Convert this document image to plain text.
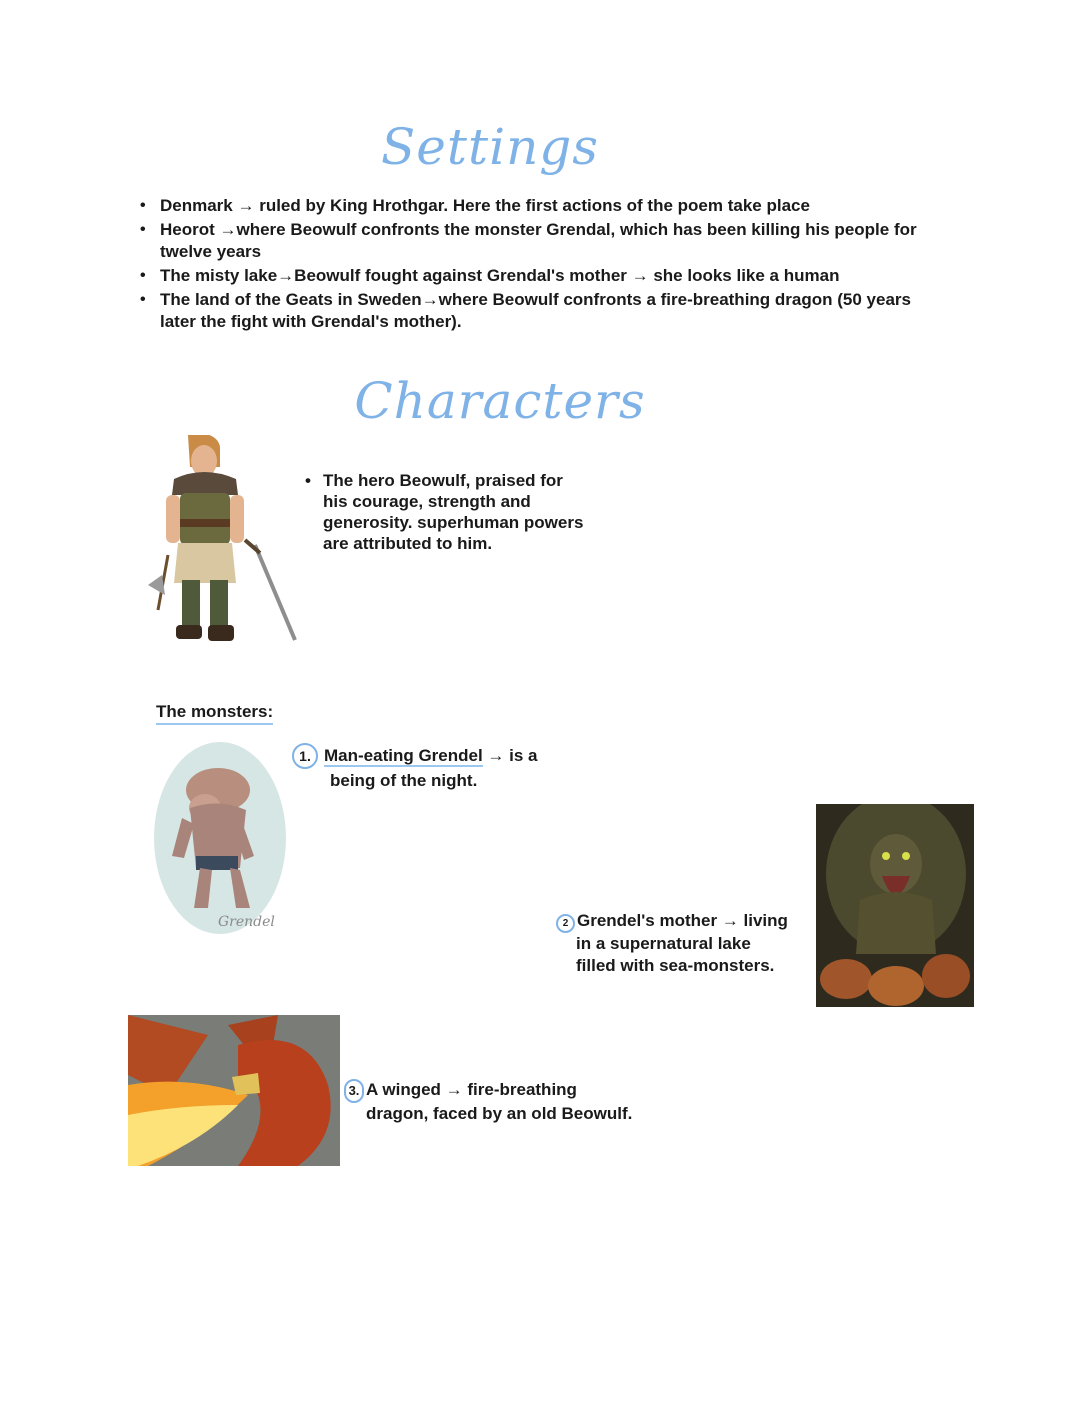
Settings
• Denmark → ruled by King Hrothgar. Here the first actions of the poem take place
• Heorot →where Beowulf confronts the monster Grendal, which has been killing his people for twelve years
• The misty lake→Beowulf fought against Grendal's mother → she looks like a human
• The land of the Geats in Sweden→where Beowulf confronts a fire-breathing dragon (50 years later the fight with Grendal's mother).
Characters
• The hero Beowulf, praised for his courage, strength and generosity. superhuman powers are attributed to him.
The monsters:
Grendel
1. Man-eating Grendel → is a
being of the night.
2 Grendel's mother → living
in a supernatural lake
filled with sea-monsters.
3. A winged → fire-breathing
dragon, faced by an old Beowulf.
